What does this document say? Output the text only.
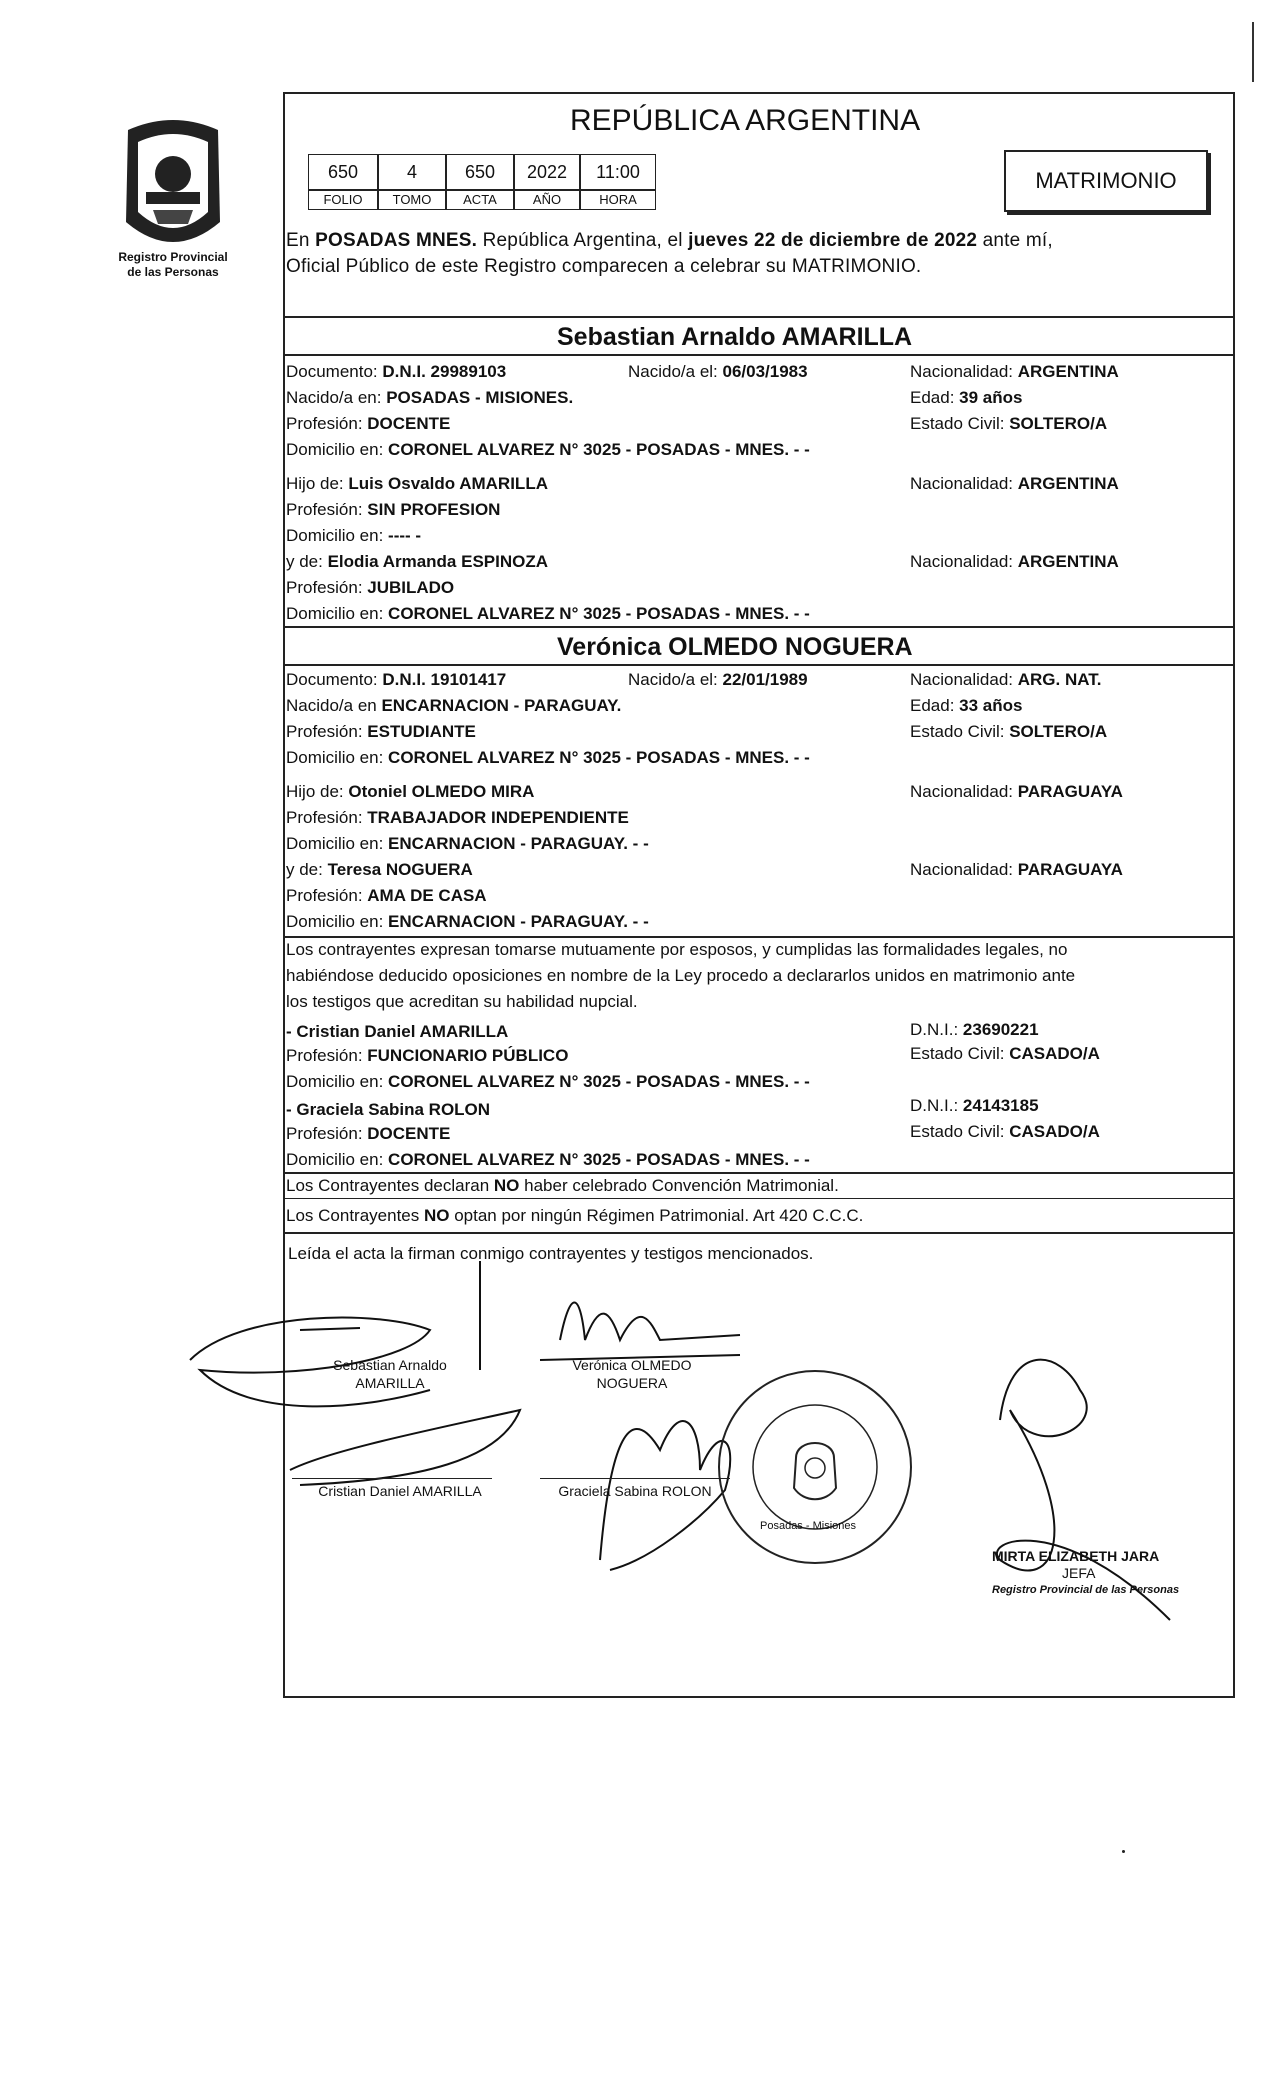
Registro Provincial
de las Personas
REPÚBLICA ARGENTINA
650	4	650	2022	11:00
FOLIO	TOMO	ACTA	AÑO	HORA
MATRIMONIO
En POSADAS MNES. República Argentina, el jueves 22 de diciembre de 2022 ante mí,
Oficial Público de este Registro comparecen a celebrar su MATRIMONIO.
Sebastian Arnaldo AMARILLA
Documento: D.N.I. 29989103	Nacido/a el: 06/03/1983	Nacionalidad: ARGENTINA
Nacido/a en: POSADAS - MISIONES.	Edad: 39 años
Profesión: DOCENTE	Estado Civil: SOLTERO/A
Domicilio en: CORONEL ALVAREZ N° 3025 - POSADAS - MNES. - -
Hijo de: Luis Osvaldo AMARILLA	Nacionalidad: ARGENTINA
Profesión: SIN PROFESION
Domicilio en: ---- -
y de: Elodia Armanda ESPINOZA	Nacionalidad: ARGENTINA
Profesión: JUBILADO
Domicilio en: CORONEL ALVAREZ N° 3025 - POSADAS - MNES. - -
Verónica OLMEDO NOGUERA
Documento: D.N.I. 19101417	Nacido/a el: 22/01/1989	Nacionalidad: ARG. NAT.
Nacido/a en ENCARNACION - PARAGUAY.	Edad: 33 años
Profesión: ESTUDIANTE	Estado Civil: SOLTERO/A
Domicilio en: CORONEL ALVAREZ N° 3025 - POSADAS - MNES. - -
Hijo de: Otoniel OLMEDO MIRA	Nacionalidad: PARAGUAYA
Profesión: TRABAJADOR INDEPENDIENTE
Domicilio en: ENCARNACION - PARAGUAY. - -
y de: Teresa NOGUERA	Nacionalidad: PARAGUAYA
Profesión: AMA DE CASA
Domicilio en: ENCARNACION - PARAGUAY. - -
Los contrayentes expresan tomarse mutuamente por esposos, y cumplidas las formalidades legales, no
habiéndose deducido oposiciones en nombre de la Ley procedo a declararlos unidos en matrimonio ante
los testigos que acreditan su habilidad nupcial.
- Cristian Daniel AMARILLA	D.N.I.: 23690221
Profesión: FUNCIONARIO PÚBLICO	Estado Civil: CASADO/A
Domicilio en: CORONEL ALVAREZ N° 3025 - POSADAS - MNES. - -
- Graciela Sabina ROLON	D.N.I.: 24143185
Profesión: DOCENTE	Estado Civil: CASADO/A
Domicilio en: CORONEL ALVAREZ N° 3025 - POSADAS - MNES. - -
Los Contrayentes declaran NO haber celebrado Convención Matrimonial.
Los Contrayentes NO optan por ningún Régimen Patrimonial. Art 420 C.C.C.
Leída el acta la firman conmigo contrayentes y testigos mencionados.
Sebastian Arnaldo
AMARILLA
Verónica OLMEDO
NOGUERA
Cristian Daniel AMARILLA	Graciela Sabina ROLON
Posadas - Misiones
MIRTA ELIZABETH JARA
JEFA
Registro Provincial de las Personas
